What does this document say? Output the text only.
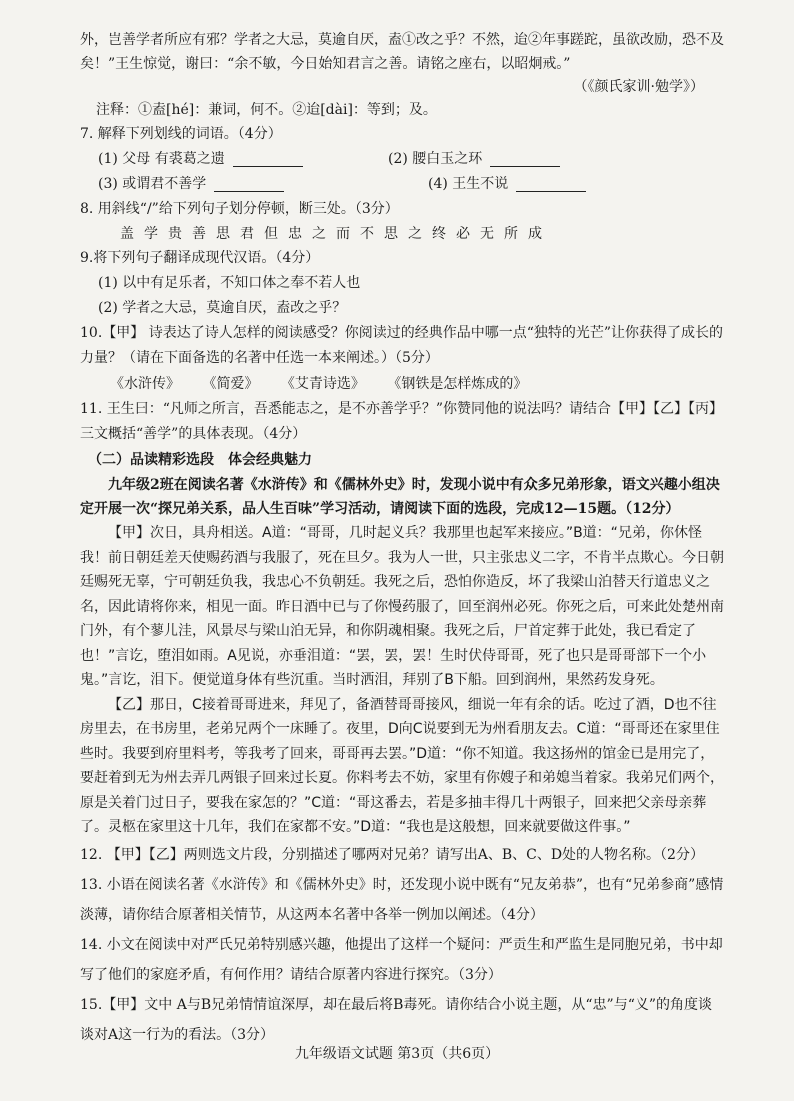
外，岂善学者所应有邪？学者之大忌，莫逾自厌，盍①改之乎？不然，迨②年事蹉跎，虽欲改励，恐不及矣！”王生惊觉，谢曰：“余不敏，今日始知君言之善。请铭之座右，以昭炯戒。”

（《颜氏家训·勉学》）

注释：①盍[hé]：兼词，何不。②迨[dài]：等到；及。

7. 解释下列划线的词语。（4分）

(1) 父母 有裘葛之遗	(2) 腰白玉之环
(3) 或谓君不善学	(4) 王生不说

8. 用斜线“/”给下列句子划分停顿，断三处。（3分）

盖学贵善思君但忠之而不思之终必无所成

9.将下列句子翻译成现代汉语。（4分）

(1) 以中有足乐者，不知口体之奉不若人也

(2) 学者之大忌，莫逾自厌，盍改之乎？

10.【甲】 诗表达了诗人怎样的阅读感受？你阅读过的经典作品中哪一点“独特的光芒”让你获得了成长的力量？（请在下面备选的名著中任选一本来阐述。）（5分）

《水浒传》 《简爱》 《艾青诗选》 《钢铁是怎样炼成的》

11. 王生曰：“凡师之所言，吾悉能志之，是不亦善学乎？”你赞同他的说法吗？请结合【甲】【乙】【丙】三文概括“善学”的具体表现。（4分）

（二）品读精彩选段　体会经典魅力

九年级2班在阅读名著《水浒传》和《儒林外史》时，发现小说中有众多兄弟形象，语文兴趣小组决定开展一次“探兄弟关系，品人生百味”学习活动，请阅读下面的选段，完成12—15题。（12分）

【甲】次日，具舟相送。A道：“哥哥，几时起义兵？我那里也起军来接应。”B道：“兄弟，你休怪我！前日朝廷差天使赐药酒与我服了，死在旦夕。我为人一世，只主张忠义二字，不肯半点欺心。今日朝廷赐死无辜，宁可朝廷负我，我忠心不负朝廷。我死之后，恐怕你造反，坏了我梁山泊替天行道忠义之名，因此请将你来，相见一面。昨日酒中已与了你慢药服了，回至润州必死。你死之后，可来此处楚州南门外，有个蓼儿洼，风景尽与梁山泊无异，和你阴魂相聚。我死之后，尸首定葬于此处，我已看定了也！”言讫，堕泪如雨。A见说，亦垂泪道：“罢，罢，罢！生时伏侍哥哥，死了也只是哥哥部下一个小鬼。”言讫，泪下。便觉道身体有些沉重。当时洒泪，拜别了B下船。回到润州，果然药发身死。

【乙】那日，C接着哥哥进来，拜见了，备酒替哥哥接风，细说一年有余的话。吃过了酒，D也不往房里去，在书房里，老弟兄两个一床睡了。夜里，D向C说要到无为州看朋友去。C道：“哥哥还在家里住些时。我要到府里料考，等我考了回来，哥哥再去罢。”D道：“你不知道。我这扬州的馆金已是用完了，要赶着到无为州去弄几两银子回来过长夏。你料考去不妨，家里有你嫂子和弟媳当着家。我弟兄们两个，原是关着门过日子，要我在家怎的？”C道：“哥这番去，若是多抽丰得几十两银子，回来把父亲母亲葬了。灵柩在家里这十几年，我们在家都不安。”D道：“我也是这般想，回来就要做这件事。”

12. 【甲】【乙】两则选文片段，分别描述了哪两对兄弟？请写出A、B、C、D处的人物名称。（2分）

13. 小语在阅读名著《水浒传》和《儒林外史》时，还发现小说中既有“兄友弟恭”，也有“兄弟参商”感情淡薄，请你结合原著相关情节，从这两本名著中各举一例加以阐述。（4分）

14. 小文在阅读中对严氏兄弟特别感兴趣，他提出了这样一个疑问：严贡生和严监生是同胞兄弟，书中却写了他们的家庭矛盾，有何作用？请结合原著内容进行探究。（3分）

15.【甲】文中 A与B兄弟情情谊深厚，却在最后将B毒死。请你结合小说主题，从“忠”与“义”的角度谈谈对A这一行为的看法。（3分）

九年级语文试题 第3页（共6页）
